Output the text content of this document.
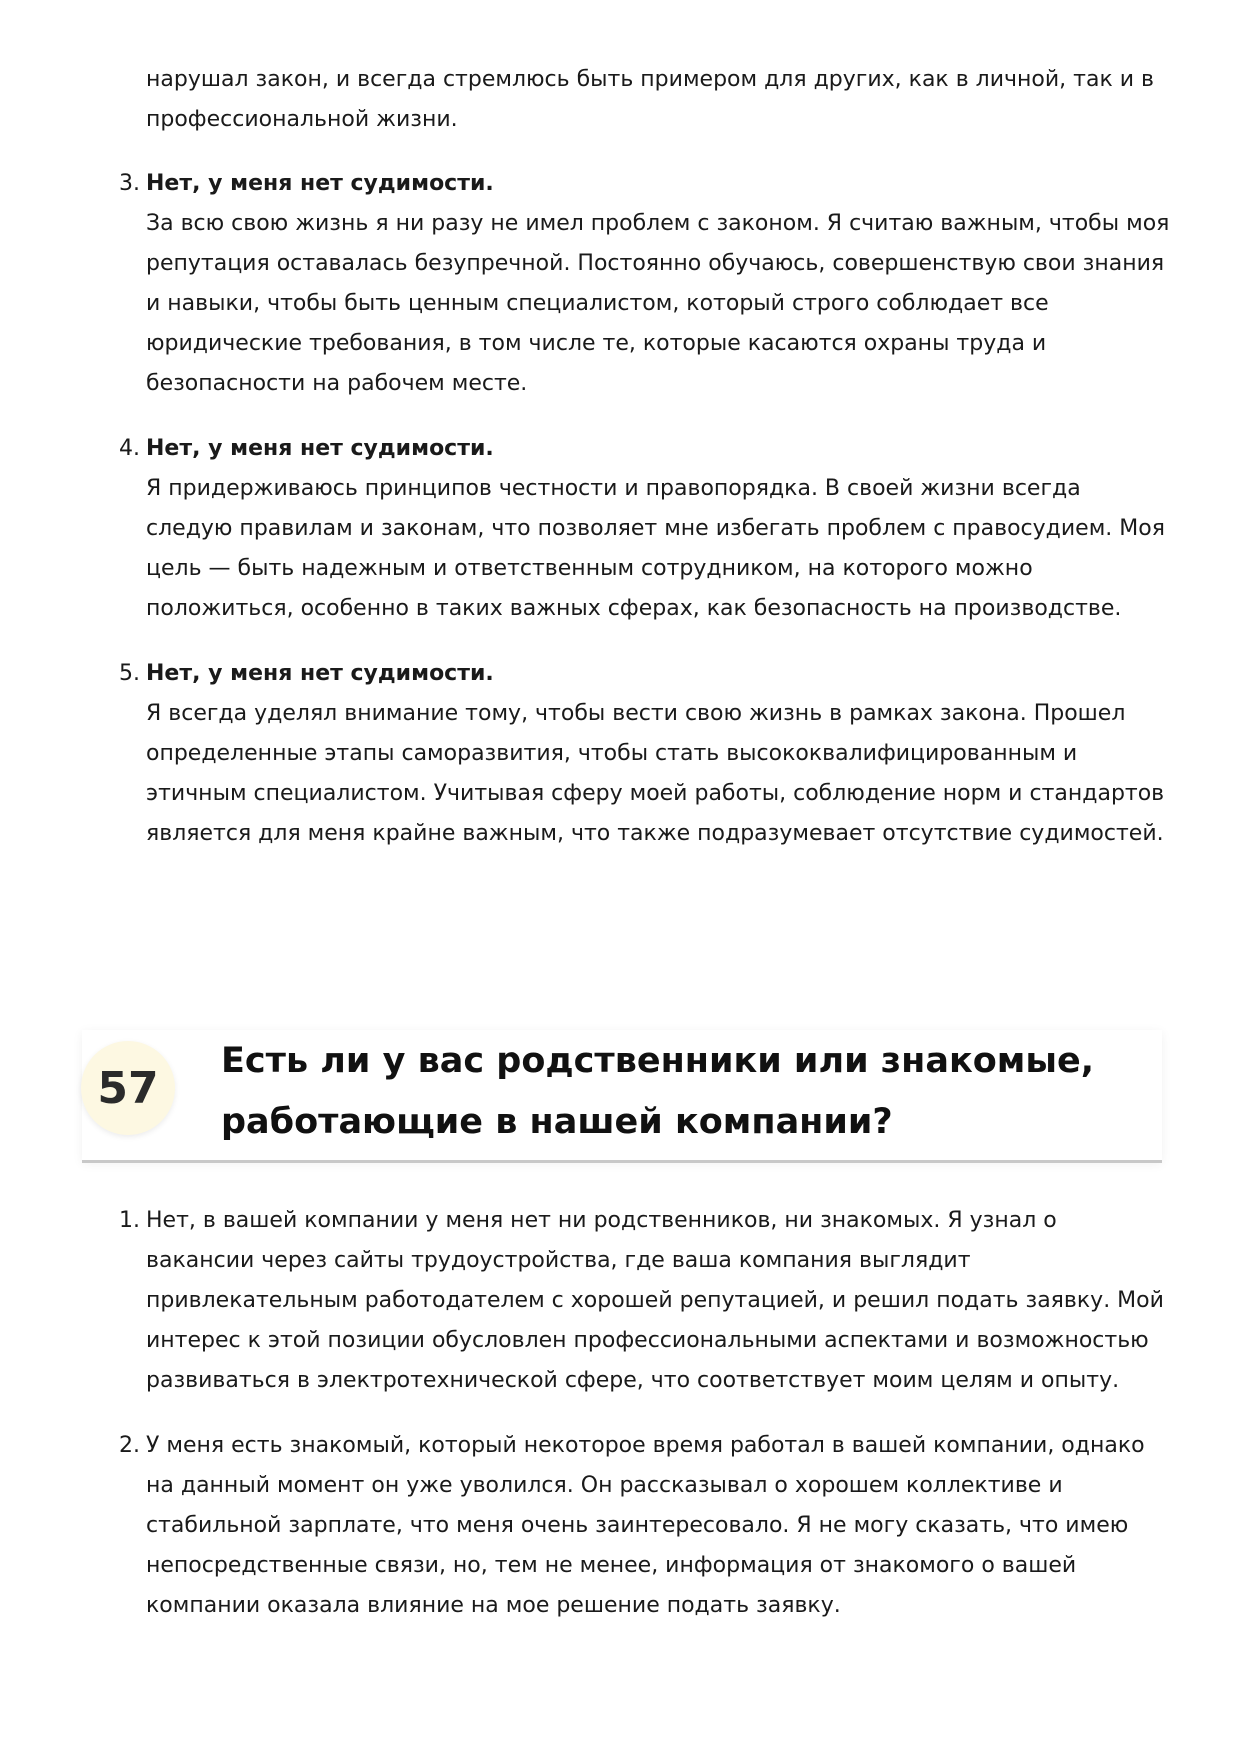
нарушал закон, и всегда стремлюсь быть примером для других, как в личной, так и в профессиональной жизни.

3. Нет, у меня нет судимости.
За всю свою жизнь я ни разу не имел проблем с законом. Я считаю важным, чтобы моя репутация оставалась безупречной. Постоянно обучаюсь, совершенствую свои знания и навыки, чтобы быть ценным специалистом, который строго соблюдает все юридические требования, в том числе те, которые касаются охраны труда и безопасности на рабочем месте.
4. Нет, у меня нет судимости.
Я придерживаюсь принципов честности и правопорядка. В своей жизни всегда следую правилам и законам, что позволяет мне избегать проблем с правосудием. Моя цель — быть надежным и ответственным сотрудником, на которого можно положиться, особенно в таких важных сферах, как безопасность на производстве.
5. Нет, у меня нет судимости.
Я всегда уделял внимание тому, чтобы вести свою жизнь в рамках закона. Прошел определенные этапы саморазвития, чтобы стать высококвалифицированным и этичным специалистом. Учитывая сферу моей работы, соблюдение норм и стандартов является для меня крайне важным, что также подразумевает отсутствие судимостей.
57
Есть ли у вас родственники или знакомые, работающие в нашей компании?
1. Нет, в вашей компании у меня нет ни родственников, ни знакомых. Я узнал о вакансии через сайты трудоустройства, где ваша компания выглядит привлекательным работодателем с хорошей репутацией, и решил подать заявку. Мой интерес к этой позиции обусловлен профессиональными аспектами и возможностью развиваться в электротехнической сфере, что соответствует моим целям и опыту.
2. У меня есть знакомый, который некоторое время работал в вашей компании, однако на данный момент он уже уволился. Он рассказывал о хорошем коллективе и стабильной зарплате, что меня очень заинтересовало. Я не могу сказать, что имею непосредственные связи, но, тем не менее, информация от знакомого о вашей компании оказала влияние на мое решение подать заявку.
